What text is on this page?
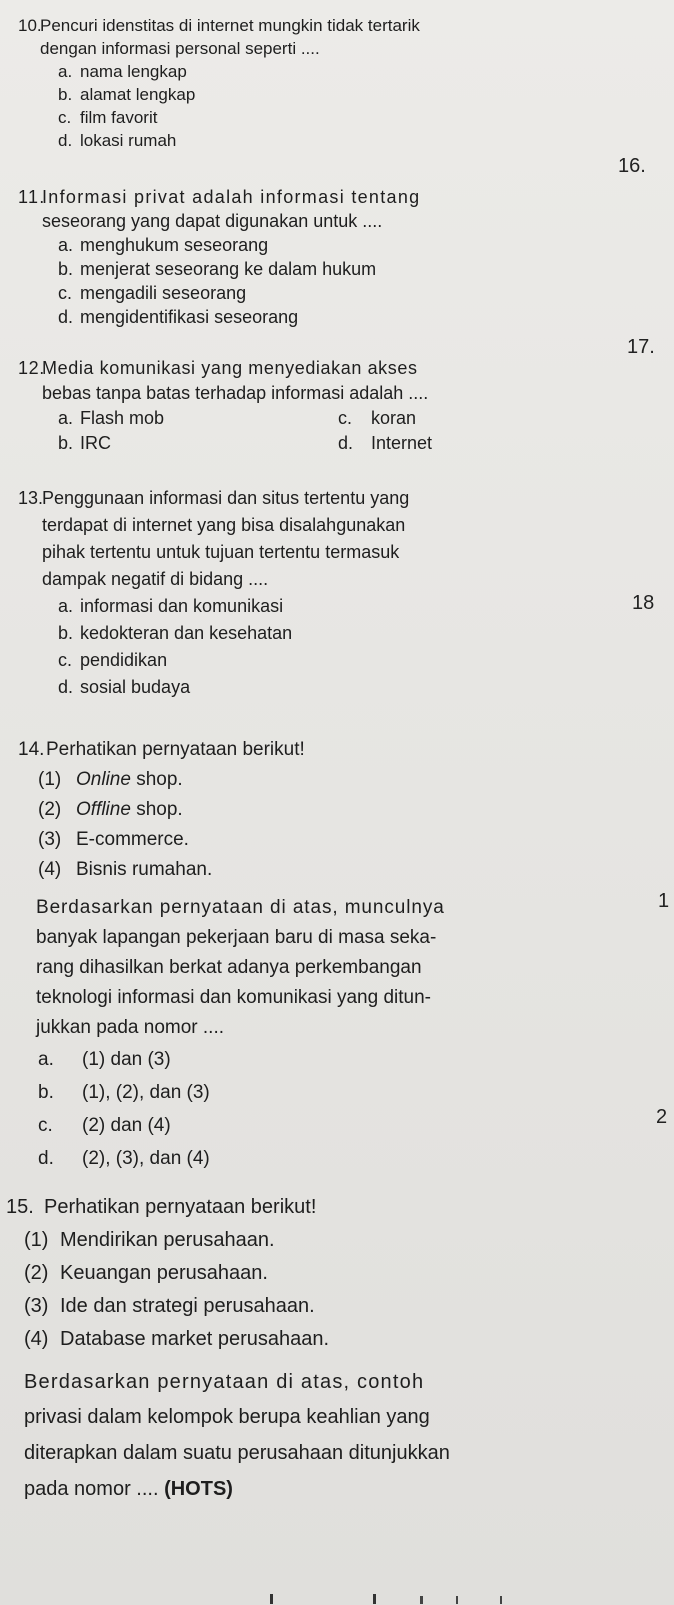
10.
Pencuri idenstitas di internet mungkin tidak tertarik
dengan informasi personal seperti ....
a. nama lengkap
b. alamat lengkap
c. film favorit
d. lokasi rumah
16.
11.
Informasi privat adalah informasi tentang
seseorang yang dapat digunakan untuk ....
a. menghukum seseorang
b. menjerat seseorang ke dalam hukum
c. mengadili seseorang
d. mengidentifikasi seseorang
17.
12.
Media komunikasi yang menyediakan akses
bebas tanpa batas terhadap informasi adalah ....
a. Flash mob	c. koran
b. IRC	d. Internet
13.
Penggunaan informasi dan situs tertentu yang
terdapat di internet yang bisa disalahgunakan
pihak tertentu untuk tujuan tertentu termasuk
dampak negatif di bidang ....
a. informasi dan komunikasi
b. kedokteran dan kesehatan
c. pendidikan
d. sosial budaya
18
14. Perhatikan pernyataan berikut!
(1) Online shop.
(2) Offline shop.
(3) E-commerce.
(4) Bisnis rumahan.
Berdasarkan pernyataan di atas, munculnya
banyak lapangan pekerjaan baru di masa seka-
rang dihasilkan berkat adanya perkembangan
teknologi informasi dan komunikasi yang ditun-
jukkan pada nomor ....
a. (1) dan (3)
b. (1), (2), dan (3)
c. (2) dan (4)
d. (2), (3), dan (4)
1
2
15. Perhatikan pernyataan berikut!
(1) Mendirikan perusahaan.
(2) Keuangan perusahaan.
(3) Ide dan strategi perusahaan.
(4) Database market perusahaan.
Berdasarkan pernyataan di atas, contoh
privasi dalam kelompok berupa keahlian yang
diterapkan dalam suatu perusahaan ditunjukkan
pada nomor .... (HOTS)
